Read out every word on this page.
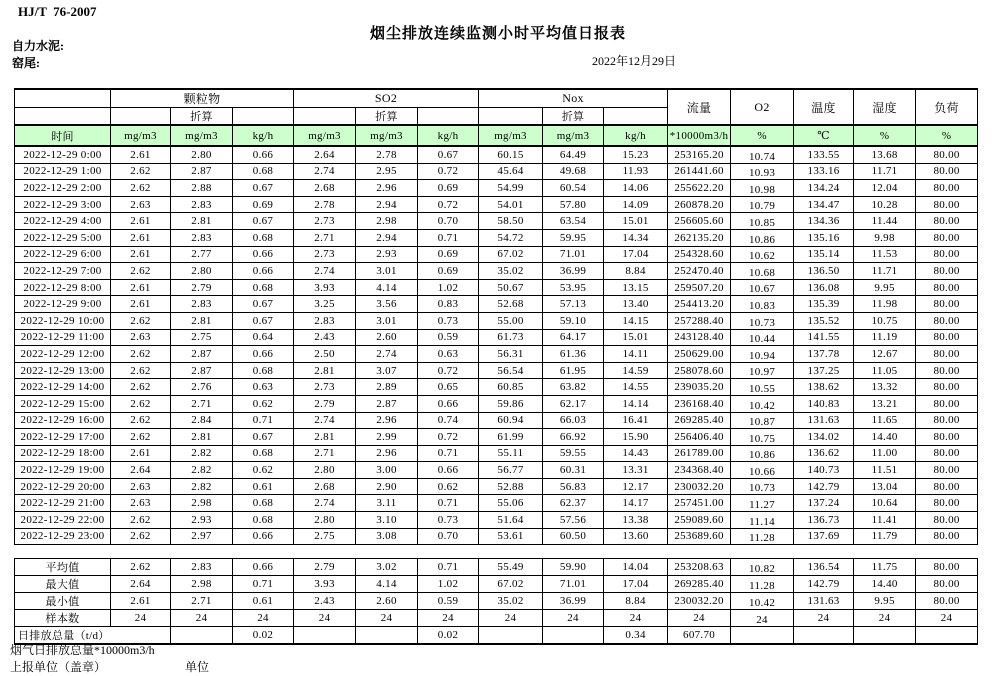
HJ/T  76-2007
烟尘排放连续监测小时平均值日报表
自力水泥:
窑尾:	2022年12月29日
	颗粒物			SO2			Nox			流量	O2	温度	湿度	负荷
		折算			折算			折算						
时间	mg/m3	mg/m3	kg/h	mg/m3	mg/m3	kg/h	mg/m3	mg/m3	kg/h	*10000m3/h	%	℃	%	%
2022-12-29 0:00	2.61	2.80	0.66	2.64	2.78	0.67	60.15	64.49	15.23	253165.20	10.74	133.55	13.68	80.00
2022-12-29 1:00	2.62	2.87	0.68	2.74	2.95	0.72	45.64	49.68	11.93	261441.60	10.93	133.16	11.71	80.00
2022-12-29 2:00	2.62	2.88	0.67	2.68	2.96	0.69	54.99	60.54	14.06	255622.20	10.98	134.24	12.04	80.00
2022-12-29 3:00	2.63	2.83	0.69	2.78	2.94	0.72	54.01	57.80	14.09	260878.20	10.79	134.47	10.28	80.00
2022-12-29 4:00	2.61	2.81	0.67	2.73	2.98	0.70	58.50	63.54	15.01	256605.60	10.85	134.36	11.44	80.00
2022-12-29 5:00	2.61	2.83	0.68	2.71	2.94	0.71	54.72	59.95	14.34	262135.20	10.86	135.16	9.98	80.00
2022-12-29 6:00	2.61	2.77	0.66	2.73	2.93	0.69	67.02	71.01	17.04	254328.60	10.62	135.14	11.53	80.00
2022-12-29 7:00	2.62	2.80	0.66	2.74	3.01	0.69	35.02	36.99	8.84	252470.40	10.68	136.50	11.71	80.00
2022-12-29 8:00	2.61	2.79	0.68	3.93	4.14	1.02	50.67	53.95	13.15	259507.20	10.67	136.08	9.95	80.00
2022-12-29 9:00	2.61	2.83	0.67	3.25	3.56	0.83	52.68	57.13	13.40	254413.20	10.83	135.39	11.98	80.00
2022-12-29 10:00	2.62	2.81	0.67	2.83	3.01	0.73	55.00	59.10	14.15	257288.40	10.73	135.52	10.75	80.00
2022-12-29 11:00	2.63	2.75	0.64	2.43	2.60	0.59	61.73	64.17	15.01	243128.40	10.44	141.55	11.19	80.00
2022-12-29 12:00	2.62	2.87	0.66	2.50	2.74	0.63	56.31	61.36	14.11	250629.00	10.94	137.78	12.67	80.00
2022-12-29 13:00	2.62	2.87	0.68	2.81	3.07	0.72	56.54	61.95	14.59	258078.60	10.97	137.25	11.05	80.00
2022-12-29 14:00	2.62	2.76	0.63	2.73	2.89	0.65	60.85	63.82	14.55	239035.20	10.55	138.62	13.32	80.00
2022-12-29 15:00	2.62	2.71	0.62	2.79	2.87	0.66	59.86	62.17	14.14	236168.40	10.42	140.83	13.21	80.00
2022-12-29 16:00	2.62	2.84	0.71	2.74	2.96	0.74	60.94	66.03	16.41	269285.40	10.87	131.63	11.65	80.00
2022-12-29 17:00	2.62	2.81	0.67	2.81	2.99	0.72	61.99	66.92	15.90	256406.40	10.75	134.02	14.40	80.00
2022-12-29 18:00	2.61	2.82	0.68	2.71	2.96	0.71	55.11	59.55	14.43	261789.00	10.86	136.62	11.00	80.00
2022-12-29 19:00	2.64	2.82	0.62	2.80	3.00	0.66	56.77	60.31	13.31	234368.40	10.66	140.73	11.51	80.00
2022-12-29 20:00	2.63	2.82	0.61	2.68	2.90	0.62	52.88	56.83	12.17	230032.20	10.73	142.79	13.04	80.00
2022-12-29 21:00	2.63	2.98	0.68	2.74	3.11	0.71	55.06	62.37	14.17	257451.00	11.27	137.24	10.64	80.00
2022-12-29 22:00	2.62	2.93	0.68	2.80	3.10	0.73	51.64	57.56	13.38	259089.60	11.14	136.73	11.41	80.00
2022-12-29 23:00	2.62	2.97	0.66	2.75	3.08	0.70	53.61	60.50	13.60	253689.60	11.28	137.69	11.79	80.00

平均值	2.62	2.83	0.66	2.79	3.02	0.71	55.49	59.90	14.04	253208.63	10.82	136.54	11.75	80.00
最大值	2.64	2.98	0.71	3.93	4.14	1.02	67.02	71.01	17.04	269285.40	11.28	142.79	14.40	80.00
最小值	2.61	2.71	0.61	2.43	2.60	0.59	35.02	36.99	8.84	230032.20	10.42	131.63	9.95	80.00
样本数	24	24	24	24	24	24	24	24	24	24	24	24	24	24
日排放总量（t/d）			0.02			0.02			0.34	607.70				
烟气日排放总量*10000m3/h
上报单位（盖章）	单位
